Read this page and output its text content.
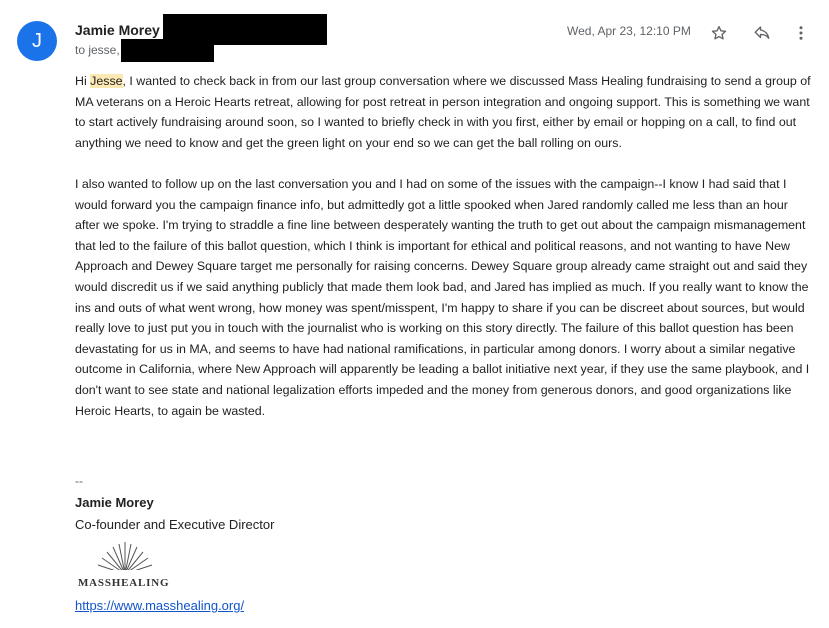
J	Jamie Morey
to jesse,
Wed, Apr 23, 12:10 PM

Hi Jesse, I wanted to check back in from our last group conversation where we discussed Mass Healing fundraising to send a group of MA veterans on a Heroic Hearts retreat, allowing for post retreat in person integration and ongoing support. This is something we want to start actively fundraising around soon, so I wanted to briefly check in with you first, either by email or hopping on a call, to find out anything we need to know and get the green light on your end so we can get the ball rolling on ours.

I also wanted to follow up on the last conversation you and I had on some of the issues with the campaign--I know I had said that I would forward you the campaign finance info, but admittedly got a little spooked when Jared randomly called me less than an hour after we spoke. I'm trying to straddle a fine line between desperately wanting the truth to get out about the campaign mismanagement that led to the failure of this ballot question, which I think is important for ethical and political reasons, and not wanting to have New Approach and Dewey Square target me personally for raising concerns. Dewey Square group already came straight out and said they would discredit us if we said anything publicly that made them look bad, and Jared has implied as much. If you really want to know the ins and outs of what went wrong, how money was spent/misspent, I'm happy to share if you can be discreet about sources, but would really love to just put you in touch with the journalist who is working on this story directly. The failure of this ballot question has been devastating for us in MA, and seems to have had national ramifications, in particular among donors. I worry about a similar negative outcome in California, where New Approach will apparently be leading a ballot initiative next year, if they use the same playbook, and I don't want to see state and national legalization efforts impeded and the money from generous donors, and good organizations like Heroic Hearts, to again be wasted.

--
Jamie Morey
Co-founder and Executive Director
MASSHEALING
https://www.masshealing.org/
